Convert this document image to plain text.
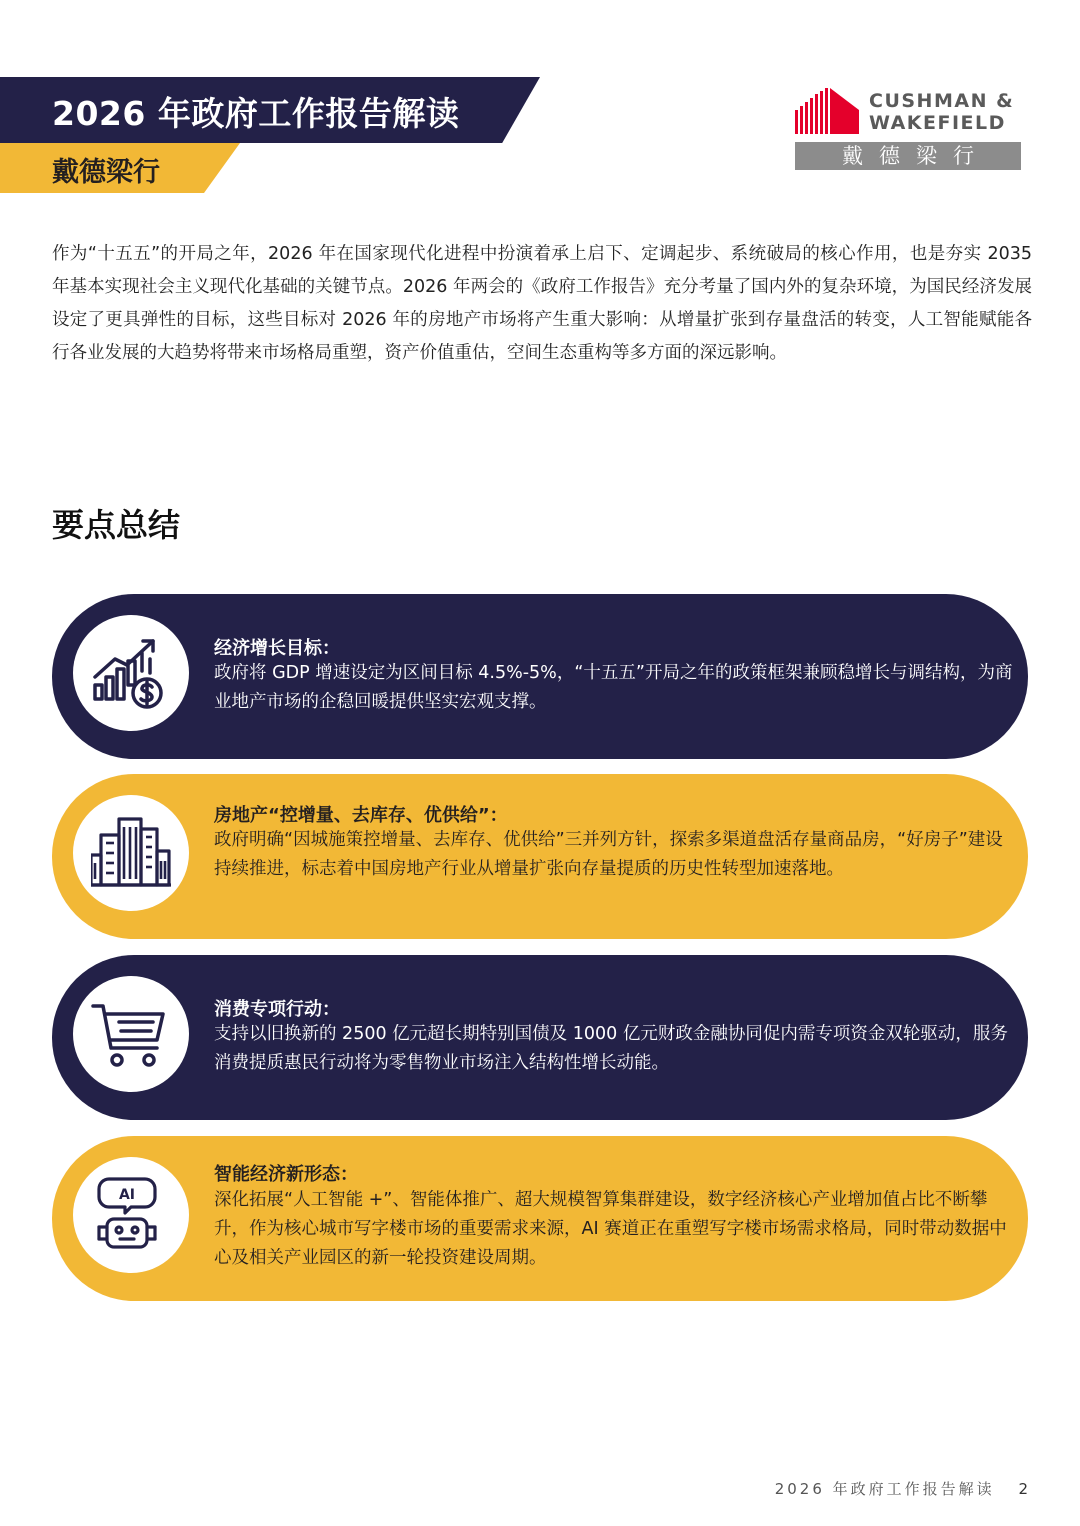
2026 年政府工作报告解读
戴德梁行
CUSHMAN &
WAKEFIELD
戴德梁行
作为“十五五”的开局之年，2026 年在国家现代化进程中扮演着承上启下、定调起步、系统破局的核心作用，也是夯实 2035 年基本实现社会主义现代化基础的关键节点。2026 年两会的《政府工作报告》充分考量了国内外的复杂环境，为国民经济发展设定了更具弹性的目标，这些目标对 2026 年的房地产市场将产生重大影响：从增量扩张到存量盘活的转变，人工智能赋能各行各业发展的大趋势将带来市场格局重塑，资产价值重估，空间生态重构等多方面的深远影响。
要点总结
经济增长目标：
政府将 GDP 增速设定为区间目标 4.5%-5%，“十五五”开局之年的政策框架兼顾稳增长与调结构，为商业地产市场的企稳回暖提供坚实宏观支撑。
房地产“控增量、去库存、优供给”：
政府明确“因城施策控增量、去库存、优供给”三并列方针，探索多渠道盘活存量商品房，“好房子”建设持续推进，标志着中国房地产行业从增量扩张向存量提质的历史性转型加速落地。
消费专项行动：
支持以旧换新的 2500 亿元超长期特别国债及 1000 亿元财政金融协同促内需专项资金双轮驱动，服务消费提质惠民行动将为零售物业市场注入结构性增长动能。
AI
智能经济新形态：
深化拓展“人工智能 +”、智能体推广、超大规模智算集群建设，数字经济核心产业增加值占比不断攀升，作为核心城市写字楼市场的重要需求来源，AI 赛道正在重塑写字楼市场需求格局，同时带动数据中心及相关产业园区的新一轮投资建设周期。
2026 年政府工作报告解读 2
